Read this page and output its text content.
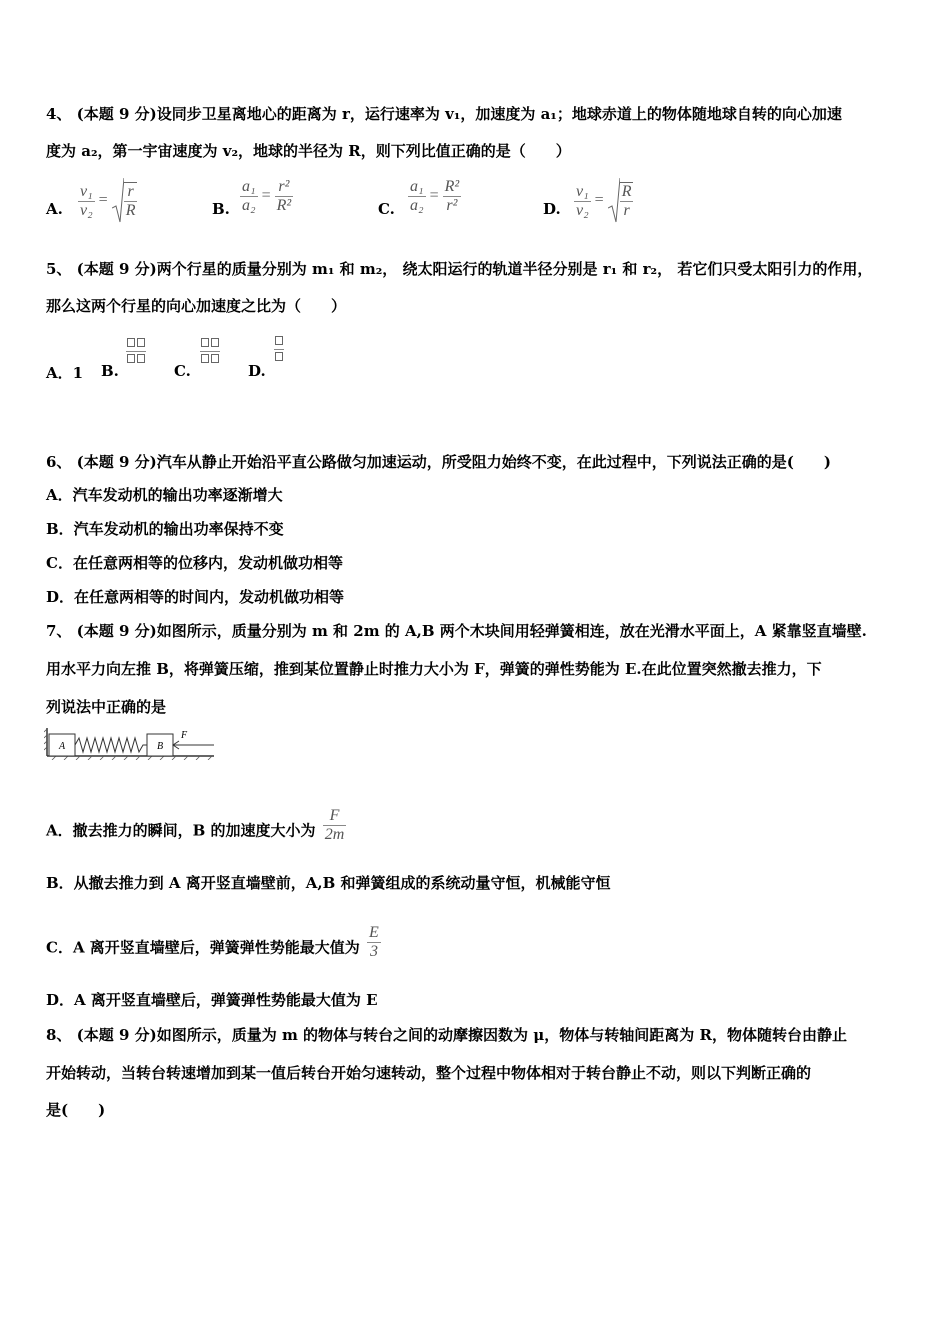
4、 (本题 9 分)设同步卫星离地心的距离为 r，运行速率为 v₁，加速度为 a₁；地球赤道上的物体随地球自转的向心加速
度为 a₂，第一宇宙速度为 v₂，地球的半径为 R，则下列比值正确的是（　　）
A. $\frac{\text{v₁}}{\text{v₂}} = \frac{r}{R}$	B. $\frac{\text{a₁}}{\text{a₂}} = \frac{\text{r²}}{\text{R²}}$	C. $\frac{\text{a₁}}{\text{a₂}} = \frac{\text{R²}}{\text{r²}}$	D. $\frac{\text{v₁}}{\text{v₂}} = \frac{R}{r}$
5、 (本题 9 分)两个行星的质量分别为 m₁ 和 m₂， 绕太阳运行的轨道半径分别是 r₁ 和 r₂， 若它们只受太阳引力的作用，
那么这两个行星的向心加速度之比为（　　）
A．1 B.	C.	D.
6、 (本题 9 分)汽车从静止开始沿平直公路做匀加速运动，所受阻力始终不变，在此过程中，下列说法正确的是(　　)
A．汽车发动机的输出功率逐渐增大
B．汽车发动机的输出功率保持不变
C．在任意两相等的位移内，发动机做功相等
D．在任意两相等的时间内，发动机做功相等
7、 (本题 9 分)如图所示，质量分别为 m 和 2m 的 A,B 两个木块间用轻弹簧相连，放在光滑水平面上，A 紧靠竖直墙壁.
用水平力向左推 B，将弹簧压缩，推到某位置静止时推力大小为 F，弹簧的弹性势能为 E.在此位置突然撤去推力，下
列说法中正确的是
A	B
F
A．撤去推力的瞬间，B 的加速度大小为 $\frac{F}{2m}$
B．从撤去推力到 A 离开竖直墙壁前，A,B 和弹簧组成的系统动量守恒，机械能守恒
C．A 离开竖直墙壁后，弹簧弹性势能最大值为 $\frac{E}{3}$
D．A 离开竖直墙壁后，弹簧弹性势能最大值为 E
8、 (本题 9 分)如图所示，质量为 m 的物体与转台之间的动摩擦因数为 μ，物体与转轴间距离为 R，物体随转台由静止
开始转动，当转台转速增加到某一值后转台开始匀速转动，整个过程中物体相对于转台静止不动，则以下判断正确的
是(　　)
